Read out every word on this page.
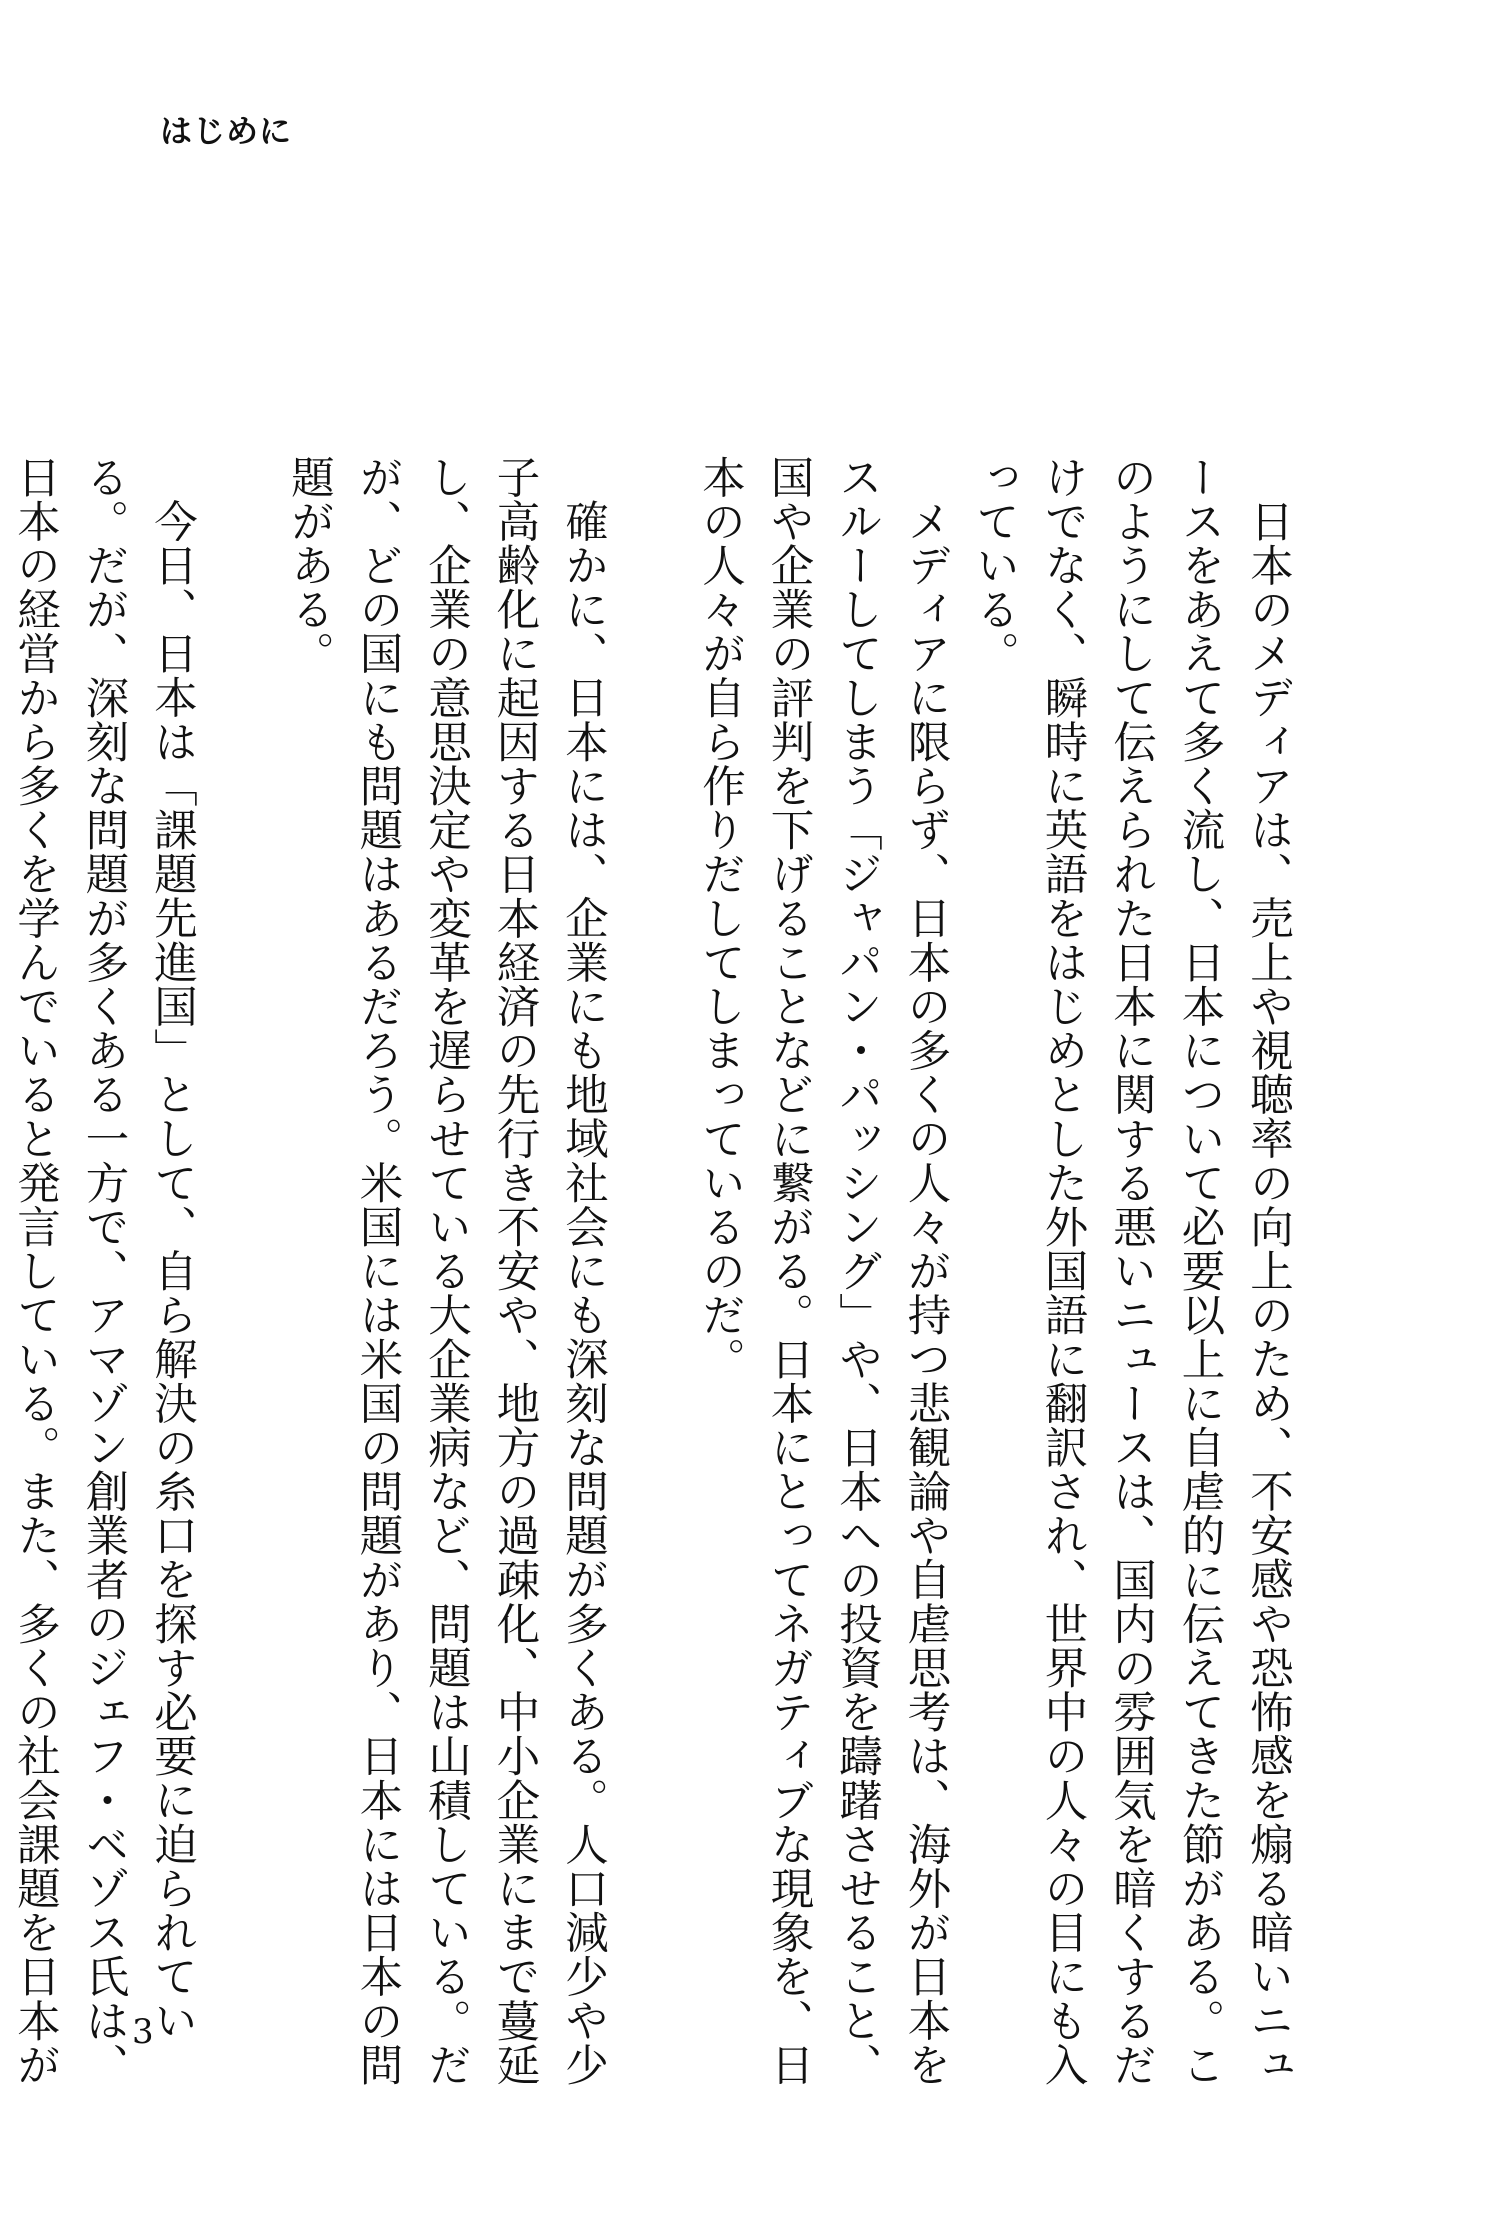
はじめに

日本のメディアは、売上や視聴率の向上のため、不安感や恐怖感を煽る暗いニュースをあえて多く流し、日本について必要以上に自虐的に伝えてきた節がある。このようにして伝えられた日本に関する悪いニュースは、国内の雰囲気を暗くするだけでなく、瞬時に英語をはじめとした外国語に翻訳され、世界中の人々の目にも入っている。

メディアに限らず、日本の多くの人々が持つ悲観論や自虐思考は、海外が日本をスルーしてしまう「ジャパン・パッシング」や、日本への投資を躊躇させること、国や企業の評判を下げることなどに繋がる。日本にとってネガティブな現象を、日本の人々が自ら作りだしてしまっているのだ。

確かに、日本には、企業にも地域社会にも深刻な問題が多くある。人口減少や少子高齢化に起因する日本経済の先行き不安や、地方の過疎化、中小企業にまで蔓延し、企業の意思決定や変革を遅らせている大企業病など、問題は山積している。だが、どの国にも問題はあるだろう。米国には米国の問題があり、日本には日本の問題がある。

今日、日本は「課題先進国」として、自ら解決の糸口を探す必要に迫られている。だが、深刻な問題が多くある一方で、アマゾン創業者のジェフ・ベゾス氏は、日本の経営から多くを学んでいると発言している。また、多くの社会課題を日本が

3
